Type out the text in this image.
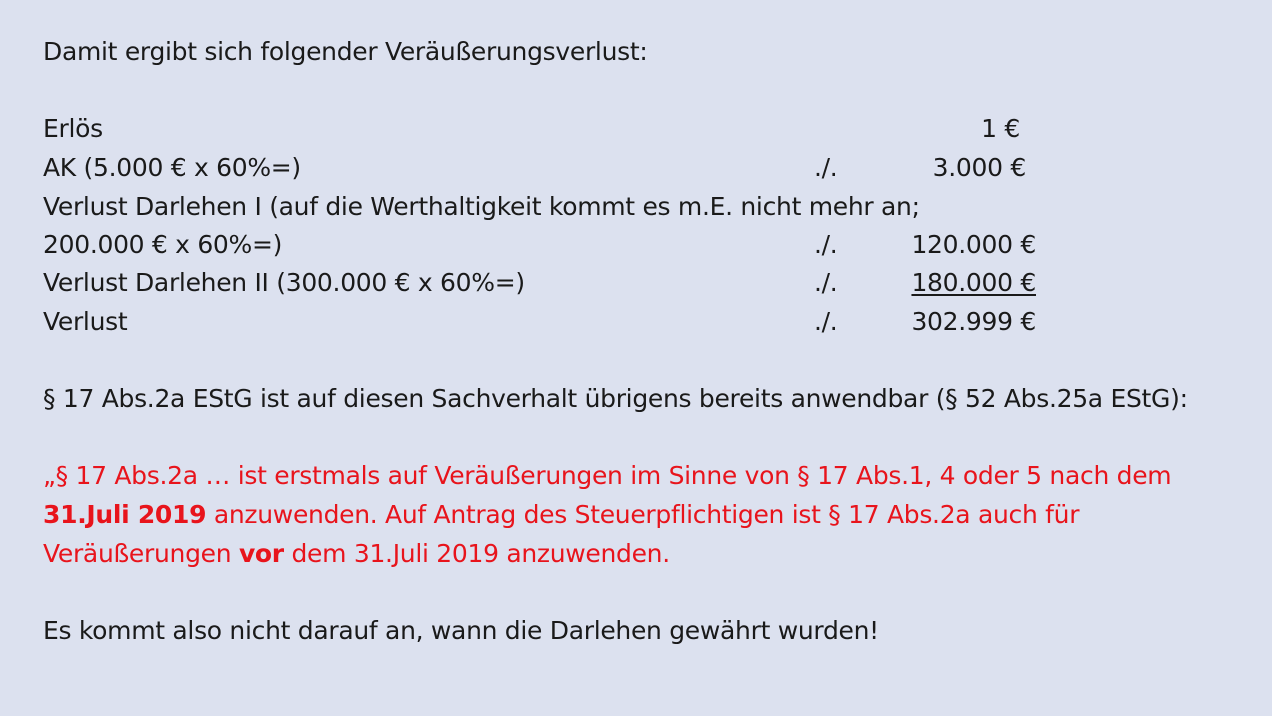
Damit ergibt sich folgender Veräußerungsverlust:
Erlös	1 €
AK (5.000 € x 60%=)	./.	3.000 €
Verlust Darlehen I (auf die Werthaltigkeit kommt es m.E. nicht mehr an;
200.000 € x 60%=)	./.	120.000 €
Verlust Darlehen II (300.000 € x 60%=)	./.	180.000 €
Verlust	./.	302.999 €
§ 17 Abs.2a EStG ist auf diesen Sachverhalt übrigens bereits anwendbar (§ 52 Abs.25a EStG):
„§ 17 Abs.2a … ist erstmals auf Veräußerungen im Sinne von § 17 Abs.1, 4 oder 5 nach dem
31.Juli 2019 anzuwenden. Auf Antrag des Steuerpflichtigen ist § 17 Abs.2a auch für
Veräußerungen vor dem 31.Juli 2019 anzuwenden.
Es kommt also nicht darauf an, wann die Darlehen gewährt wurden!
